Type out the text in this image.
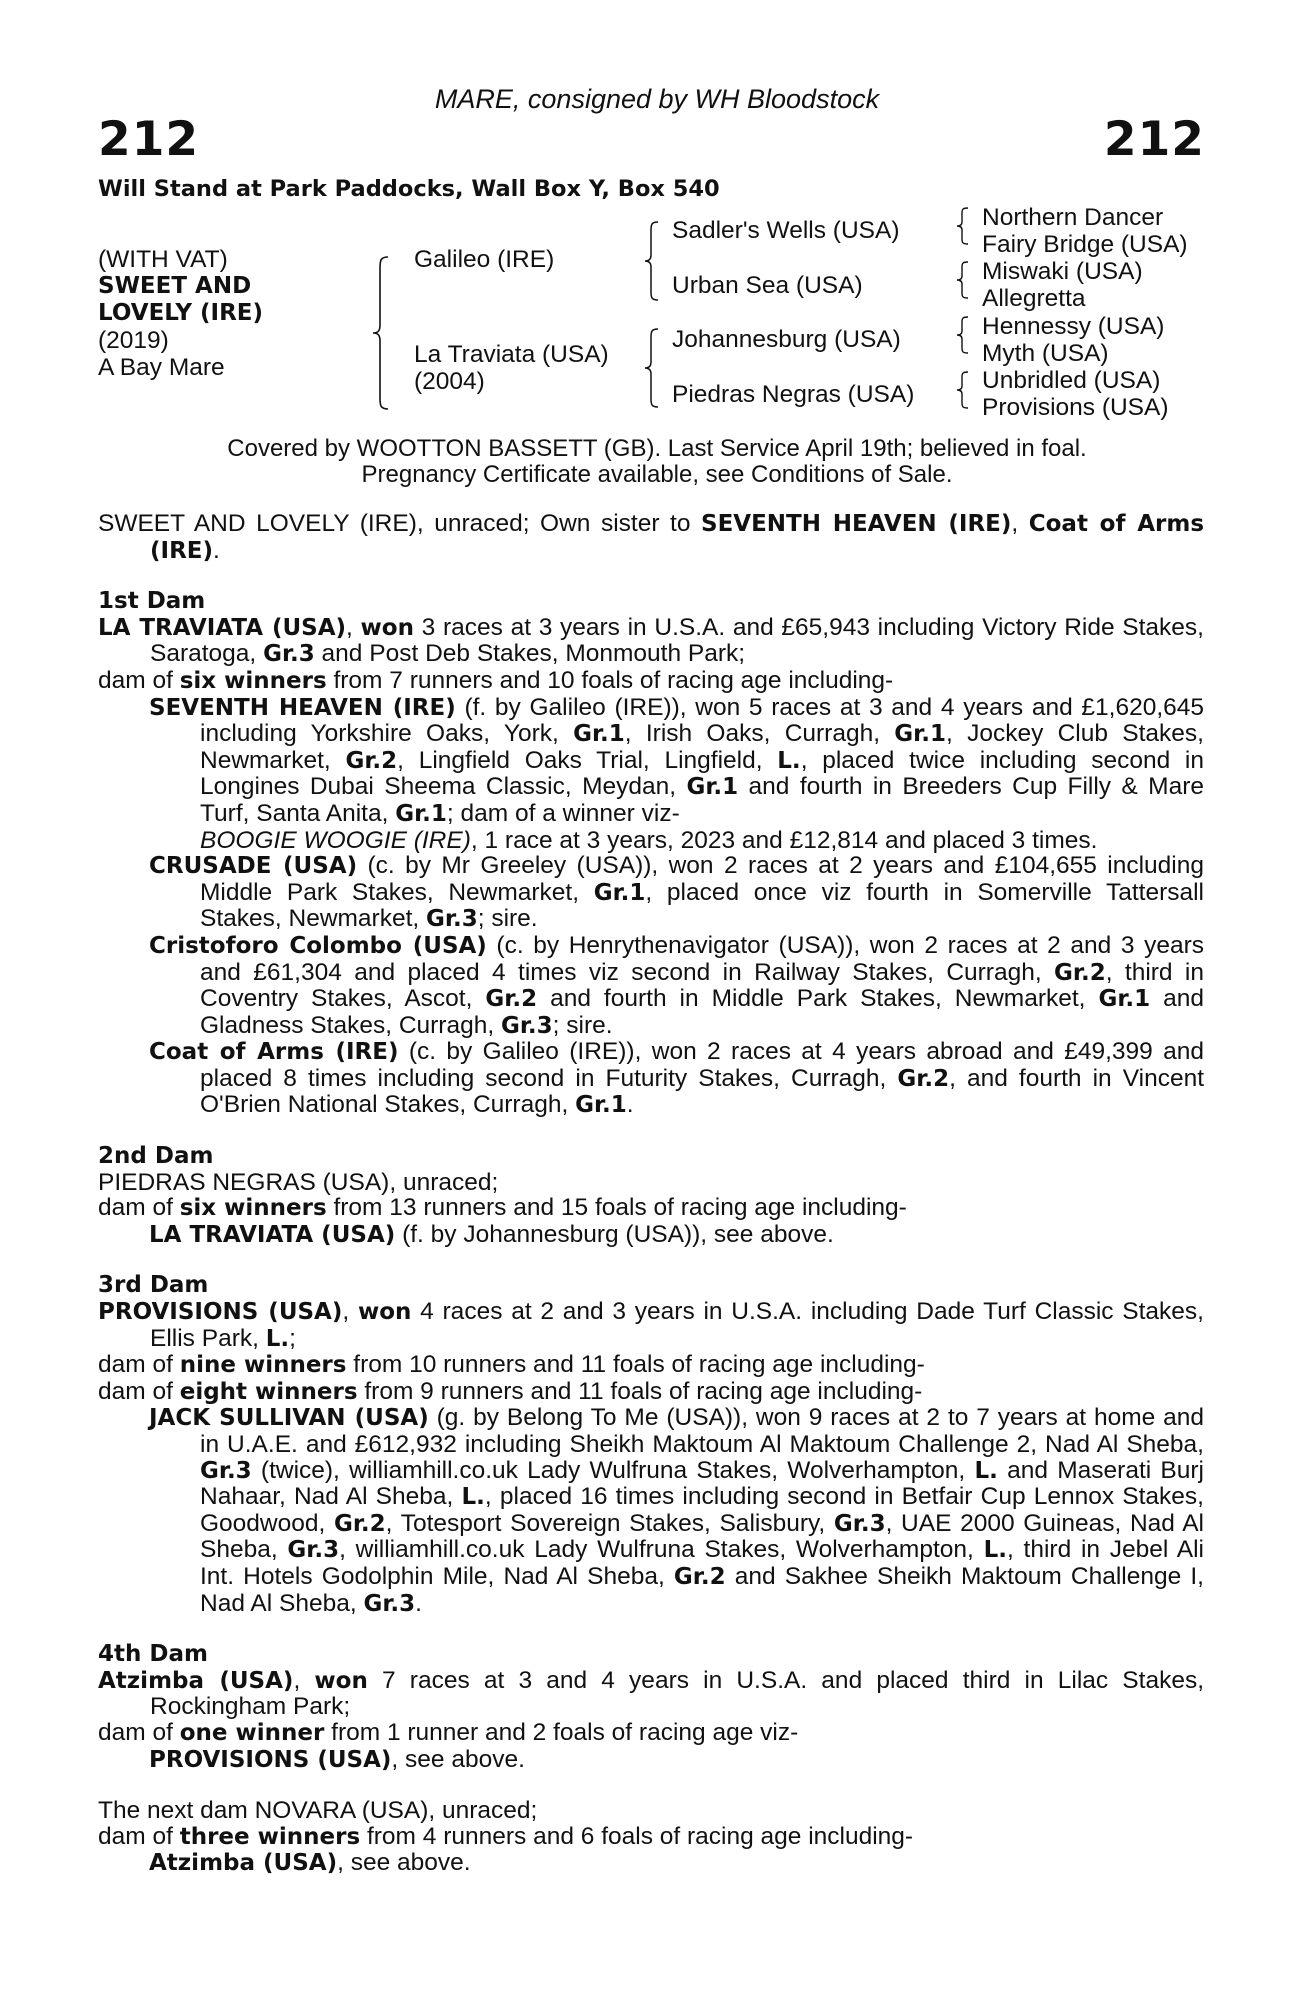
MARE, consigned by WH Bloodstock
212	212
Will Stand at Park Paddocks, Wall Box Y, Box 540
(WITH VAT)
SWEET AND
LOVELY (IRE)
(2019)
A Bay Mare
Galileo (IRE)
La Traviata (USA)
(2004)
Sadler's Wells (USA)
Urban Sea (USA)
Johannesburg (USA)
Piedras Negras (USA)
Northern Dancer
Fairy Bridge (USA)
Miswaki (USA)
Allegretta
Hennessy (USA)
Myth (USA)
Unbridled (USA)
Provisions (USA)
Covered by WOOTTON BASSETT (GB). Last Service April 19th; believed in foal.
Pregnancy Certificate available, see Conditions of Sale.

SWEET AND LOVELY (IRE), unraced; Own sister to SEVENTH HEAVEN (IRE), Coat of Arms (IRE).

1st Dam

LA TRAVIATA (USA), won 3 races at 3 years in U.S.A. and £65,943 including Victory Ride Stakes, Saratoga, Gr.3 and Post Deb Stakes, Monmouth Park;

dam of six winners from 7 runners and 10 foals of racing age including-

SEVENTH HEAVEN (IRE) (f. by Galileo (IRE)), won 5 races at 3 and 4 years and £1,620,645 including Yorkshire Oaks, York, Gr.1, Irish Oaks, Curragh, Gr.1, Jockey Club Stakes, Newmarket, Gr.2, Lingfield Oaks Trial, Lingfield, L., placed twice including second in Longines Dubai Sheema Classic, Meydan, Gr.1 and fourth in Breeders Cup Filly & Mare Turf, Santa Anita, Gr.1; dam of a winner viz-

BOOGIE WOOGIE (IRE), 1 race at 3 years, 2023 and £12,814 and placed 3 times.

CRUSADE (USA) (c. by Mr Greeley (USA)), won 2 races at 2 years and £104,655 including Middle Park Stakes, Newmarket, Gr.1, placed once viz fourth in Somerville Tattersall Stakes, Newmarket, Gr.3; sire.

Cristoforo Colombo (USA) (c. by Henrythenavigator (USA)), won 2 races at 2 and 3 years and £61,304 and placed 4 times viz second in Railway Stakes, Curragh, Gr.2, third in Coventry Stakes, Ascot, Gr.2 and fourth in Middle Park Stakes, Newmarket, Gr.1 and Gladness Stakes, Curragh, Gr.3; sire.

Coat of Arms (IRE) (c. by Galileo (IRE)), won 2 races at 4 years abroad and £49,399 and placed 8 times including second in Futurity Stakes, Curragh, Gr.2, and fourth in Vincent O'Brien National Stakes, Curragh, Gr.1.

2nd Dam

PIEDRAS NEGRAS (USA), unraced;

dam of six winners from 13 runners and 15 foals of racing age including-

LA TRAVIATA (USA) (f. by Johannesburg (USA)), see above.

3rd Dam

PROVISIONS (USA), won 4 races at 2 and 3 years in U.S.A. including Dade Turf Classic Stakes, Ellis Park, L.;

dam of nine winners from 10 runners and 11 foals of racing age including-

dam of eight winners from 9 runners and 11 foals of racing age including-

JACK SULLIVAN (USA) (g. by Belong To Me (USA)), won 9 races at 2 to 7 years at home and in U.A.E. and £612,932 including Sheikh Maktoum Al Maktoum Challenge 2, Nad Al Sheba, Gr.3 (twice), williamhill.co.uk Lady Wulfruna Stakes, Wolverhampton, L. and Maserati Burj Nahaar, Nad Al Sheba, L., placed 16 times including second in Betfair Cup Lennox Stakes, Goodwood, Gr.2, Totesport Sovereign Stakes, Salisbury, Gr.3, UAE 2000 Guineas, Nad Al Sheba, Gr.3, williamhill.co.uk Lady Wulfruna Stakes, Wolverhampton, L., third in Jebel Ali Int. Hotels Godolphin Mile, Nad Al Sheba, Gr.2 and Sakhee Sheikh Maktoum Challenge I, Nad Al Sheba, Gr.3.

4th Dam

Atzimba (USA), won 7 races at 3 and 4 years in U.S.A. and placed third in Lilac Stakes, Rockingham Park;

dam of one winner from 1 runner and 2 foals of racing age viz-

PROVISIONS (USA), see above.

The next dam NOVARA (USA), unraced;

dam of three winners from 4 runners and 6 foals of racing age including-

Atzimba (USA), see above.
